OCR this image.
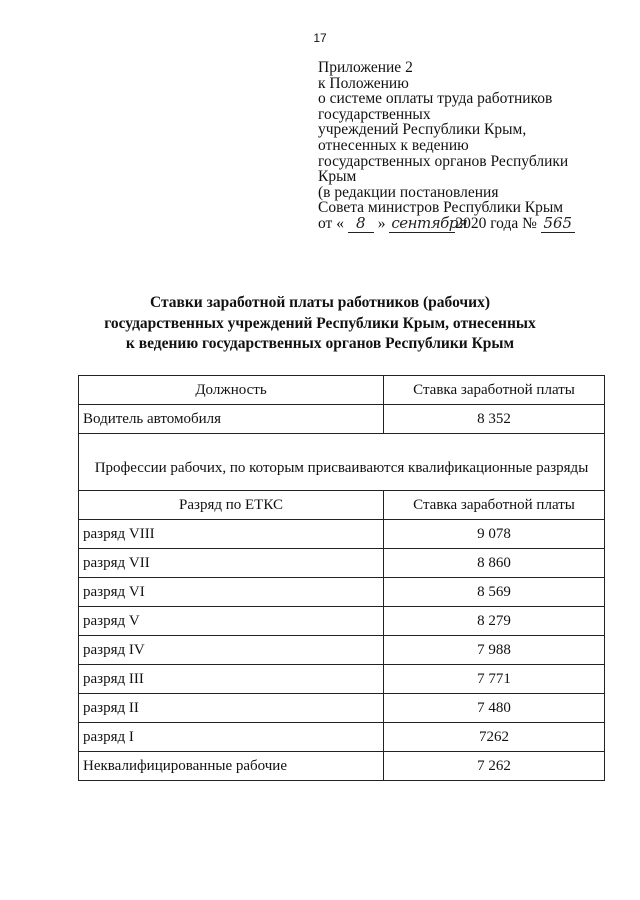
17
Приложение 2
к Положению
о системе оплаты труда работников
государственных
учреждений Республики Крым,
отнесенных к ведению
государственных органов Республики
Крым
(в редакции постановления
Совета министров Республики Крым
от « 8 » сентября2020 года № 565
Ставки заработной платы работников (рабочих)
государственных учреждений Республики Крым, отнесенных
к ведению государственных органов Республики Крым
Должность	Ставка заработной платы
Водитель автомобиля	8 352
Профессии рабочих, по которым присваиваются квалификационные разряды	
Разряд по ЕТКС	Ставка заработной платы
разряд VIII	9 078
разряд VII	8 860
разряд VI	8 569
разряд V	8 279
разряд IV	7 988
разряд III	7 771
разряд II	7 480
разряд I	7262
Неквалифицированные рабочие	7 262
